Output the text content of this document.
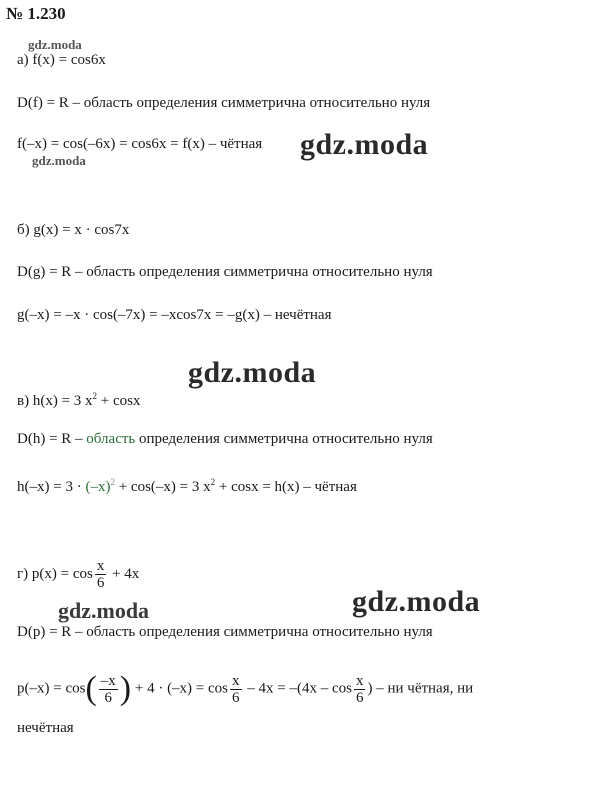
№ 1.230
gdz.moda
gdz.moda	gdz.moda
gdz.moda
gdz.moda
gdz.moda
а) f(x) = cos6x
D(f) = R – область определения симметрична относительно нуля
f(–x) = cos(–6x) = cos6x = f(x) – чётная
б) g(x) = x · cos7x
D(g) = R – область определения симметрична относительно нуля
g(–x) = –x · cos(–7x) = –xcos7x = –g(x) – нечётная
в) h(x) = 3 $x^2 + \cos x$
D(h) = R – область определения симметрична относительно нуля
$h(-x) = 3 \cdot (-x)^2 + \cos(-x) = 3$ $x^2 + \cos x = h(x)$ – чётная
г) $p(x) = \cos \frac{x}{6} + 4x$
D(p) = R – область определения симметрична относительно нуля
$p(-x) = \cos( \frac{-x}{6}$ ) + $4 \cdot (-x) = \cos \frac{x}{6} - 4x = -(4x - \cos \frac{x}{6}$ ) – ни чётная, ни
нечётная
